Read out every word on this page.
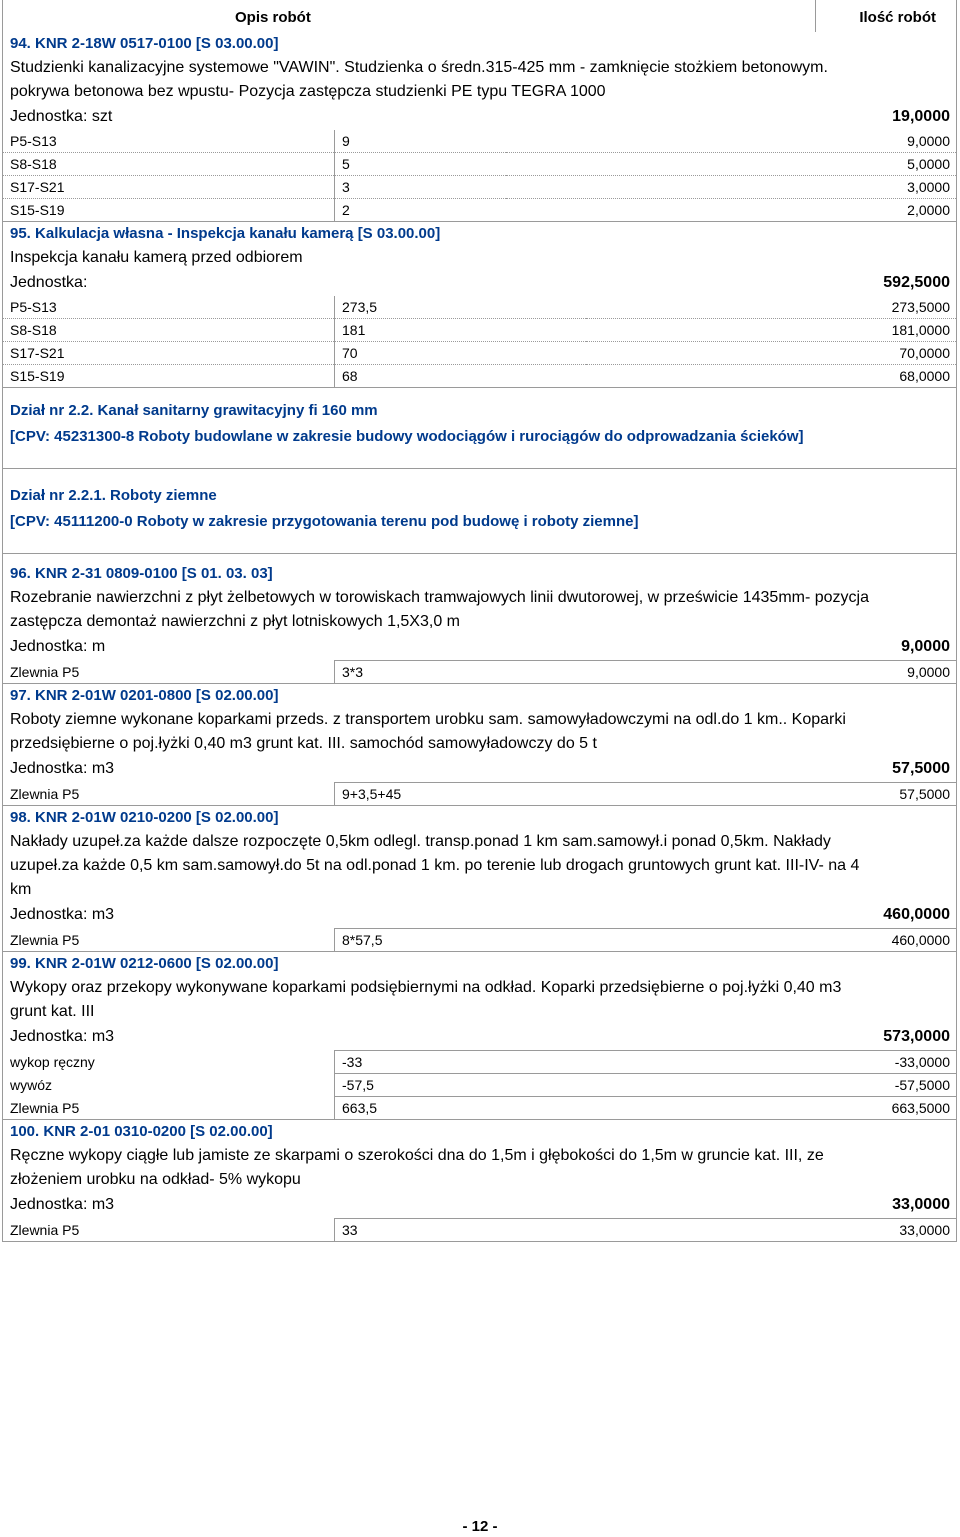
Opis robót	Ilość robót
94. KNR 2-18W 0517-0100 [S 03.00.00]
Studzienki kanalizacyjne systemowe "VAWIN". Studzienka o średn.315-425 mm - zamknięcie stożkiem betonowym.
pokrywa betonowa bez wpustu- Pozycja zastępcza studzienki PE typu TEGRA 1000
Jednostka: szt	19,0000
P5-S13	9	9,0000
S8-S18	5	5,0000
S17-S21	3	3,0000
S15-S19	2	2,0000
95. Kalkulacja własna - Inspekcja kanału kamerą [S 03.00.00]
Inspekcja kanału kamerą przed odbiorem
Jednostka:	592,5000
P5-S13	273,5	273,5000
S8-S18	181	181,0000
S17-S21	70	70,0000
S15-S19	68	68,0000
Dział nr 2.2. Kanał sanitarny grawitacyjny fi 160 mm
[CPV: 45231300-8 Roboty budowlane w zakresie budowy wodociągów i rurociągów do odprowadzania ścieków]
Dział nr 2.2.1. Roboty ziemne
[CPV: 45111200-0 Roboty w zakresie przygotowania terenu pod budowę i roboty ziemne]
96. KNR 2-31 0809-0100 [S 01. 03. 03]
Rozebranie nawierzchni z płyt żelbetowych w torowiskach tramwajowych linii dwutorowej, w prześwicie 1435mm- pozycja
zastępcza demontaż nawierzchni z płyt lotniskowych 1,5X3,0 m
Jednostka: m	9,0000
Zlewnia P5	3*3	9,0000
97. KNR 2-01W 0201-0800 [S 02.00.00]
Roboty ziemne wykonane koparkami przeds. z transportem urobku sam. samowyładowczymi na odl.do 1 km.. Koparki
przedsiębierne o poj.łyżki 0,40 m3 grunt kat. III. samochód samowyładowczy do 5 t
Jednostka: m3	57,5000
Zlewnia P5	9+3,5+45	57,5000
98. KNR 2-01W 0210-0200 [S 02.00.00]
Nakłady uzupeł.za każde dalsze rozpoczęte 0,5km odlegl. transp.ponad 1 km sam.samowył.i ponad 0,5km. Nakłady
uzupeł.za każde 0,5 km sam.samowył.do 5t na odl.ponad 1 km. po terenie lub drogach gruntowych grunt kat. III-IV- na 4
km
Jednostka: m3	460,0000
Zlewnia P5	8*57,5	460,0000
99. KNR 2-01W 0212-0600 [S 02.00.00]
Wykopy oraz przekopy wykonywane koparkami podsiębiernymi na odkład. Koparki przedsiębierne o poj.łyżki 0,40 m3
grunt kat. III
Jednostka: m3	573,0000
wykop ręczny	-33	-33,0000
wywóz	-57,5	-57,5000
Zlewnia P5	663,5	663,5000
100. KNR 2-01 0310-0200 [S 02.00.00]
Ręczne wykopy ciągłe lub jamiste ze skarpami o szerokości dna do 1,5m i głębokości do 1,5m w gruncie kat. III, ze
złożeniem urobku na odkład- 5% wykopu
Jednostka: m3	33,0000
Zlewnia P5	33	33,0000
- 12 -
